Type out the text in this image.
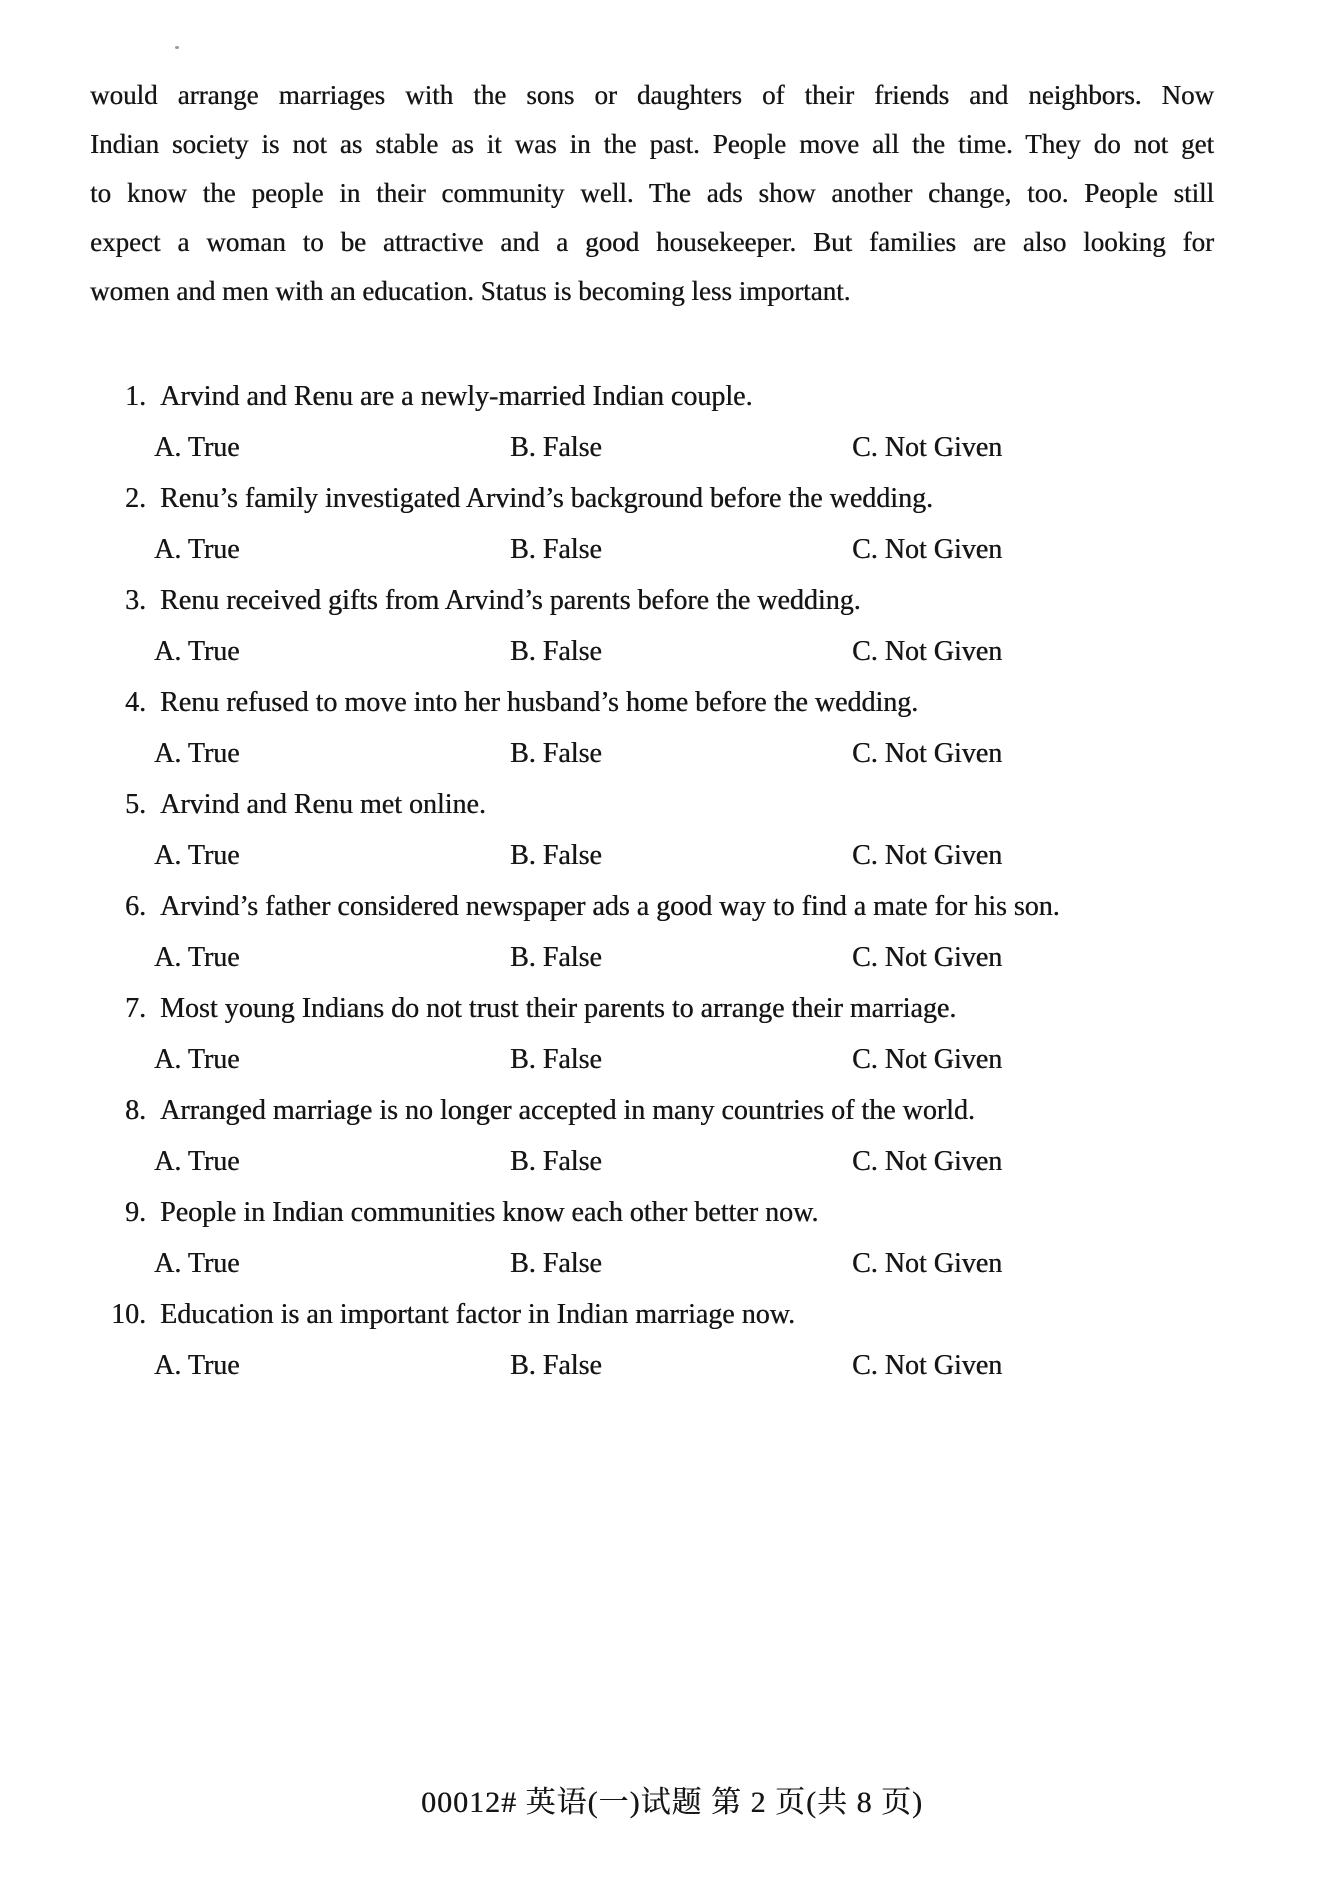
would arrange marriages with the sons or daughters of their friends and neighbors. Now
Indian society is not as stable as it was in the past. People move all the time. They do not get
to know the people in their community well. The ads show another change, too. People still
expect a woman to be attractive and a good housekeeper. But families are also looking for
women and men with an education. Status is becoming less important.
1. Arvind and Renu are a newly-married Indian couple.
A. True	B. False	C. Not Given
2. Renu’s family investigated Arvind’s background before the wedding.
A. True	B. False	C. Not Given
3. Renu received gifts from Arvind’s parents before the wedding.
A. True	B. False	C. Not Given
4. Renu refused to move into her husband’s home before the wedding.
A. True	B. False	C. Not Given
5. Arvind and Renu met online.
A. True	B. False	C. Not Given
6. Arvind’s father considered newspaper ads a good way to find a mate for his son.
A. True	B. False	C. Not Given
7. Most young Indians do not trust their parents to arrange their marriage.
A. True	B. False	C. Not Given
8. Arranged marriage is no longer accepted in many countries of the world.
A. True	B. False	C. Not Given
9. People in Indian communities know each other better now.
A. True	B. False	C. Not Given
10. Education is an important factor in Indian marriage now.
A. True	B. False	C. Not Given
00012# 英语(一)试题 第 2 页(共 8 页)
